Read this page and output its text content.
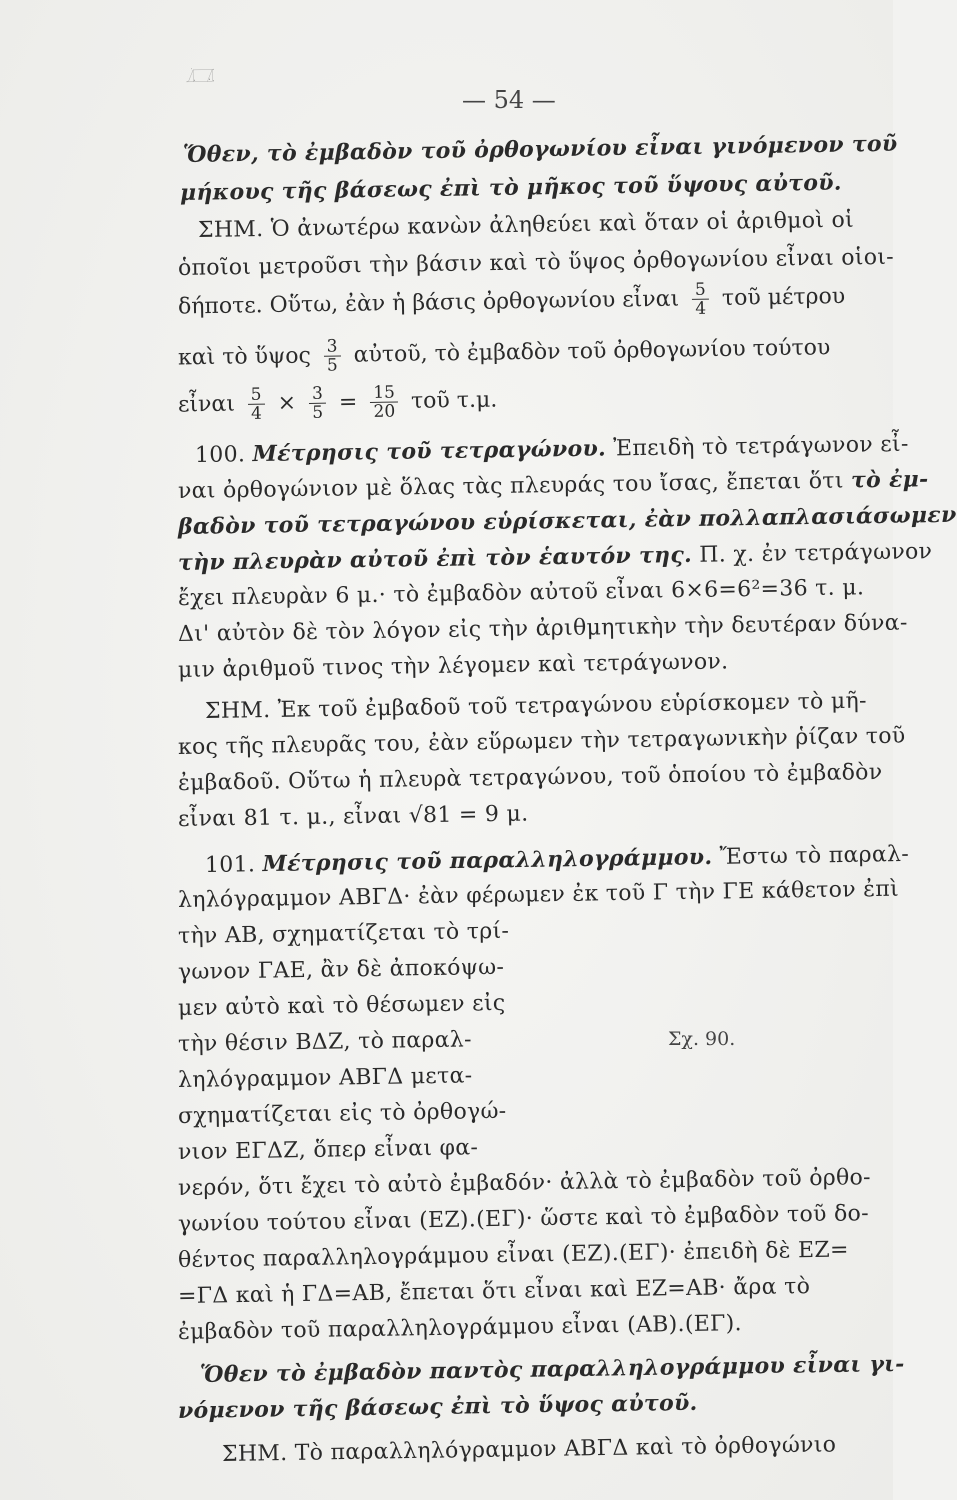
— 54 —
Ὅθεν, τὸ ἐμβαδὸν τοῦ ὀρθογωνίου εἶναι γινόμενον τοῦ
μήκους τῆς βάσεως ἐπὶ τὸ μῆκος τοῦ ὕψους αὐτοῦ.
ΣΗΜ. Ὁ ἀνωτέρω κανὼν ἀληθεύει καὶ ὅταν οἱ ἀριθμοὶ οἱ
ὁποῖοι μετροῦσι τὴν βάσιν καὶ τὸ ὕψος ὀρθογωνίου εἶναι οἱοι-
δήποτε. Οὕτω, ἐὰν ἡ βάσις ὀρθογωνίου εἶναι $\frac{5}{4}$ τοῦ μέτρου
καὶ τὸ ὕψος $\frac{3}{5}$ αὐτοῦ, τὸ ἐμβαδὸν τοῦ ὀρθογωνίου τούτου
εἶναι $\frac{5}{4} \times \frac{3}{5} = \frac{15}{20}$ τοῦ τ.μ.
100. Μέτρησις τοῦ τετραγώνου. Ἐπειδὴ τὸ τετράγωνον εἶ-
ναι ὀρθογώνιον μὲ ὅλας τὰς πλευράς του ἴσας, ἔπεται ὅτι τὸ ἐμ-
βαδὸν τοῦ τετραγώνου εὑρίσκεται, ἐὰν πολλαπλασιάσωμεν
τὴν πλευρὰν αὐτοῦ ἐπὶ τὸν ἑαυτόν της. Π. χ. ἐν τετράγωνον
ἔχει πλευρὰν 6 μ.· τὸ ἐμβαδὸν αὐτοῦ εἶναι 6×6=6²=36 τ. μ.
Δι' αὐτὸν δὲ τὸν λόγον εἰς τὴν ἀριθμητικὴν τὴν δευτέραν δύνα-
μιν ἀριθμοῦ τινος τὴν λέγομεν καὶ τετράγωνον.
ΣΗΜ. Ἐκ τοῦ ἐμβαδοῦ τοῦ τετραγώνου εὑρίσκομεν τὸ μῆ-
κος τῆς πλευρᾶς του, ἐὰν εὕρωμεν τὴν τετραγωνικὴν ῥίζαν τοῦ
ἐμβαδοῦ. Οὕτω ἡ πλευρὰ τετραγώνου, τοῦ ὁποίου τὸ ἐμβαδὸν
εἶναι 81 τ. μ., εἶναι √81 = 9 μ.
101. Μέτρησις τοῦ παραλληλογράμμου. Ἔστω τὸ παραλ-
ληλόγραμμον ΑΒΓΔ· ἐὰν φέρωμεν ἐκ τοῦ Γ τὴν ΓΕ κάθετον ἐπὶ
τὴν ΑΒ, σχηματίζεται τὸ τρί-
γωνον ΓΑΕ, ἂν δὲ ἀποκόψω-
μεν αὐτὸ καὶ τὸ θέσωμεν εἰς
τὴν θέσιν ΒΔΖ, τὸ παραλ-
ληλόγραμμον ΑΒΓΔ μετα-
σχηματίζεται εἰς τὸ ὀρθογώ-
νιον ΕΓΔΖ, ὅπερ εἶναι φα-
νερόν, ὅτι ἔχει τὸ αὐτὸ ἐμβαδόν· ἀλλὰ τὸ ἐμβαδὸν τοῦ ὀρθο-
γωνίου τούτου εἶναι (ΕΖ).(ΕΓ)· ὥστε καὶ τὸ ἐμβαδὸν τοῦ δο-
θέντος παραλληλογράμμου εἶναι (ΕΖ).(ΕΓ)· ἐπειδὴ δὲ ΕΖ=
=ΓΔ καὶ ἡ ΓΔ=ΑΒ, ἔπεται ὅτι εἶναι καὶ ΕΖ=ΑΒ· ἄρα τὸ
ἐμβαδὸν τοῦ παραλληλογράμμου εἶναι (ΑΒ).(ΕΓ).
Ὅθεν τὸ ἐμβαδὸν παντὸς παραλληλογράμμου εἶναι γι-
νόμενον τῆς βάσεως ἐπὶ τὸ ὕψος αὐτοῦ.
ΣΗΜ. Τὸ παραλληλόγραμμον ΑΒΓΔ καὶ τὸ ὀρθογώνιο
Γ
Δ
Α
Ε
Β
Ζ
Σχ. 90.
